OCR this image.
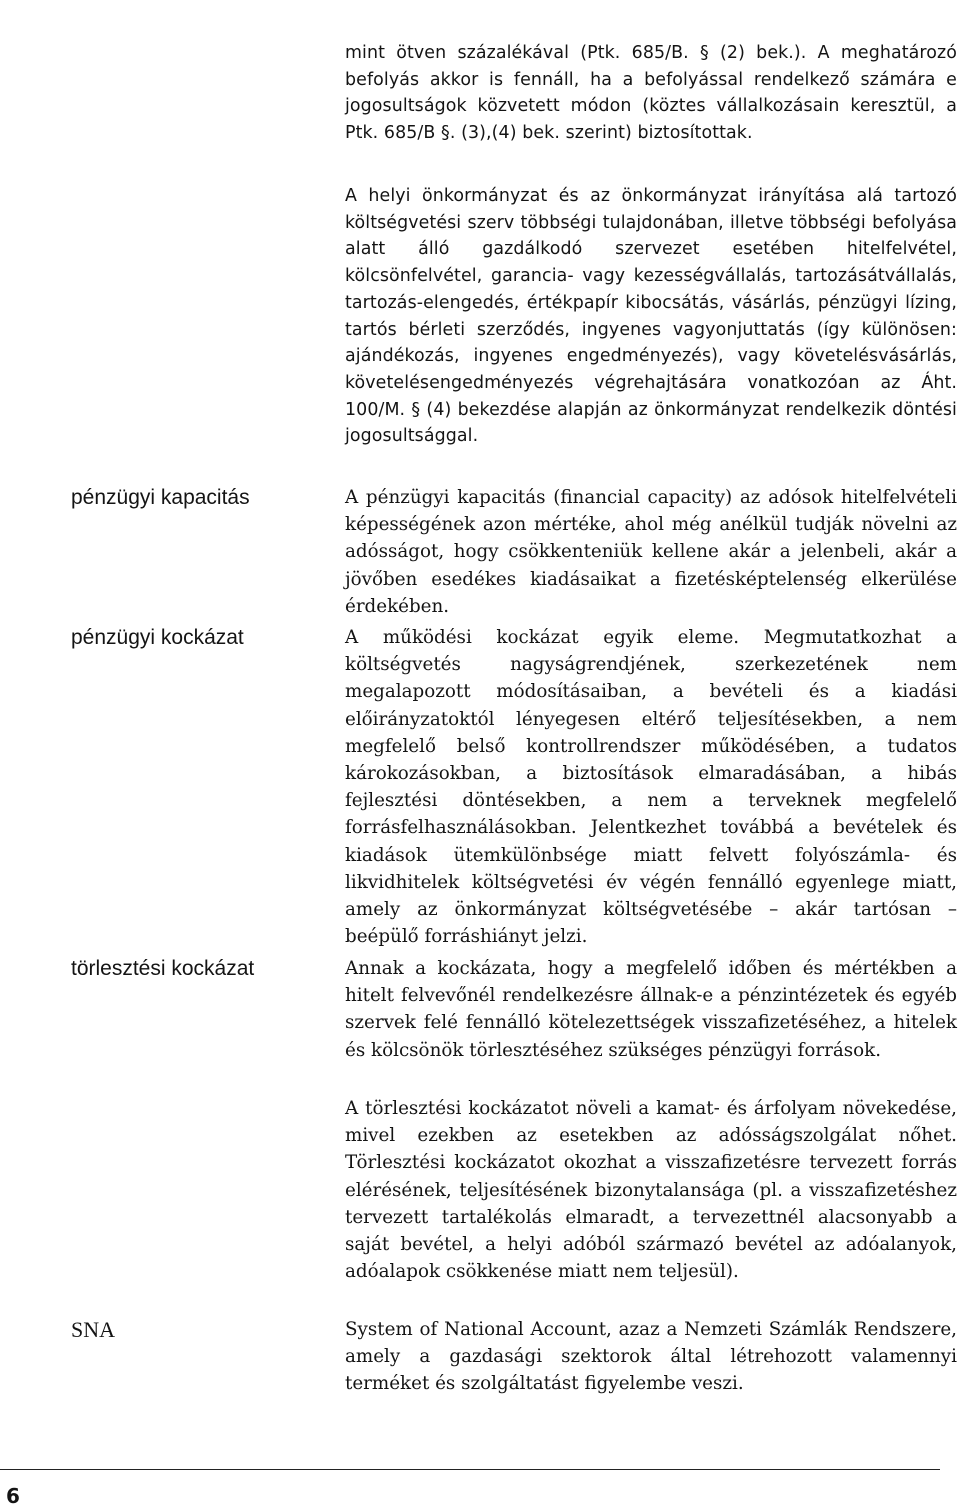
mint ötven százalékával (Ptk. 685/B. § (2) bek.). A meghatározó befolyás akkor is fennáll, ha a befolyással rendelkező számára e jogosultságok közvetett módon (köztes vállalkozásain keresztül, a Ptk. 685/B §. (3),(4) bek. szerint) biztosítottak.
A helyi önkormányzat és az önkormányzat irányítása alá tartozó költségvetési szerv többségi tulajdonában, illetve többségi befolyása alatt álló gazdálkodó szervezet esetében hitelfelvétel, kölcsönfelvétel, garancia- vagy kezességvállalás, tartozásátvállalás, tartozás-elengedés, értékpapír kibocsátás, vásárlás, pénzügyi lízing, tartós bérleti szerződés, ingyenes vagyonjuttatás (így különösen: ajándékozás, ingyenes engedményezés), vagy követelésvásárlás, követelésengedményezés végrehajtására vonatkozóan az Áht. 100/M. § (4) bekezdése alapján az önkormányzat rendelkezik döntési jogosultsággal.
pénzügyi kapacitás	A pénzügyi kapacitás (financial capacity) az adósok hitelfelvételi képességének azon mértéke, ahol még anélkül tudják növelni az adósságot, hogy csökkenteniük kellene akár a jelenbeli, akár a jövőben esedékes kiadásaikat a fizetésképtelenség elkerülése érdekében.
pénzügyi kockázat	A működési kockázat egyik eleme. Megmutatkozhat a költségvetés nagyságrendjének, szerkezetének nem megalapozott módosításaiban, a bevételi és a kiadási előirányzatoktól lényegesen eltérő teljesítésekben, a nem megfelelő belső kontrollrendszer működésében, a tudatos károkozásokban, a biztosítások elmaradásában, a hibás fejlesztési döntésekben, a nem a terveknek megfelelő forrásfelhasználásokban. Jelentkezhet továbbá a bevételek és kiadások ütemkülönbsége miatt felvett folyószámla- és likvidhitelek költségvetési év végén fennálló egyenlege miatt, amely az önkormányzat költségvetésébe – akár tartósan – beépülő forráshiányt jelzi.
törlesztési kockázat	Annak a kockázata, hogy a megfelelő időben és mértékben a hitelt felvevőnél rendelkezésre állnak-e a pénzintézetek és egyéb szervek felé fennálló kötelezettségek visszafizetéséhez, a hitelek és kölcsönök törlesztéséhez szükséges pénzügyi források.
A törlesztési kockázatot növeli a kamat- és árfolyam növekedése, mivel ezekben az esetekben az adósságszolgálat nőhet. Törlesztési kockázatot okozhat a visszafizetésre tervezett forrás elérésének, teljesítésének bizonytalansága (pl. a visszafizetéshez tervezett tartalékolás elmaradt, a tervezettnél alacsonyabb a saját bevétel, a helyi adóból származó bevétel az adóalanyok, adóalapok csökkenése miatt nem teljesül).
SNA	System of National Account, azaz a Nemzeti Számlák Rendszere, amely a gazdasági szektorok által létrehozott valamennyi terméket és szolgáltatást figyelembe veszi.
6
